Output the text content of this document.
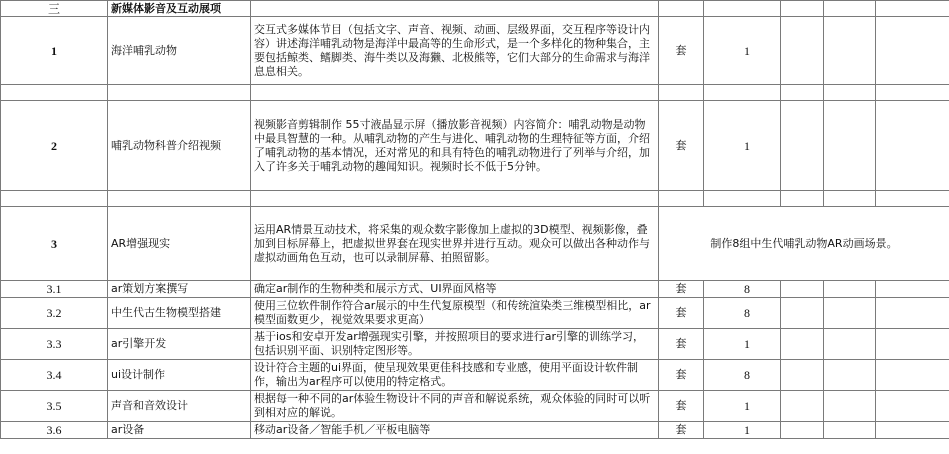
三	新媒体影音及互动展项						
1	海洋哺乳动物	交互式多媒体节目（包括文字、声音、视频、动画、层级界面，交互程序等设计内容）讲述海洋哺乳动物是海洋中最高等的生命形式，是一个多样化的物种集合，主要包括鲸类、鳍脚类、海牛类以及海獭、北极熊等，它们大部分的生命需求与海洋息息相关。	套	1			

2	哺乳动物科普介绍视频	视频影音剪辑制作 55寸液晶显示屏（播放影音视频）内容简介：哺乳动物是动物中最具智慧的一种。从哺乳动物的产生与进化、哺乳动物的生理特征等方面，介绍了哺乳动物的基本情况，还对常见的和具有特色的哺乳动物进行了列举与介绍，加入了许多关于哺乳动物的趣闻知识。视频时长不低于5分钟。	套	1			

3	AR增强现实	运用AR情景互动技术，将采集的观众数字影像加上虚拟的3D模型、视频影像，叠加到目标屏幕上，把虚拟世界套在现实世界并进行互动。观众可以做出各种动作与虚拟动画角色互动，也可以录制屏幕、拍照留影。	制作8组中生代哺乳动物AR动画场景。				
3.1	ar策划方案撰写	确定ar制作的生物种类和展示方式、UI界面风格等	套	8			
3.2	中生代古生物模型搭建	使用三位软件制作符合ar展示的中生代复原模型（和传统渲染类三维模型相比，ar模型面数更少，视觉效果要求更高）	套	8			
3.3	ar引擎开发	基于ios和安卓开发ar增强现实引擎，并按照项目的要求进行ar引擎的训练学习，包括识别平面、识别特定图形等。	套	1			
3.4	ui设计制作	设计符合主题的ui界面，使呈现效果更佳科技感和专业感，使用平面设计软件制作，输出为ar程序可以使用的特定格式。	套	8			
3.5	声音和音效设计	根据每一种不同的ar体验生物设计不同的声音和解说系统，观众体验的同时可以听到相对应的解说。	套	1			
3.6	ar设备	移动ar设备／智能手机／平板电脑等	套	1			
